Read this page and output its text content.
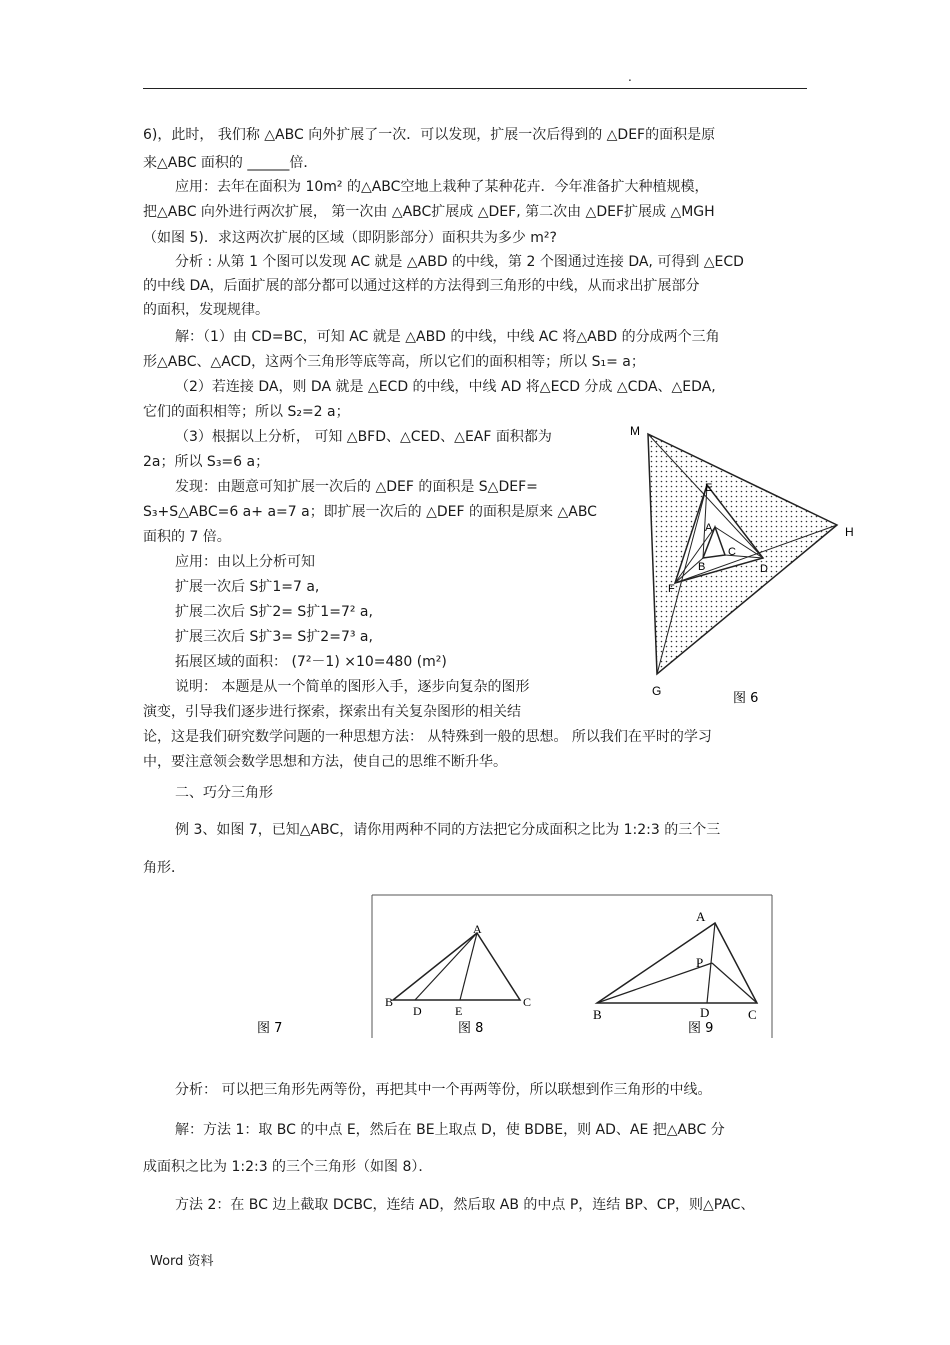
.
6)，此时， 我们称 △ABC 向外扩展了一次．可以发现，扩展一次后得到的 △DEF的面积是原
来△ABC 面积的 ______倍．
应用：去年在面积为 10m² 的△ABC空地上栽种了某种花卉．今年准备扩大种植规模，
把△ABC 向外进行两次扩展， 第一次由 △ABC扩展成 △DEF, 第二次由 △DEF扩展成 △MGH
（如图 5)．求这两次扩展的区域（即阴影部分）面积共为多少 m²?
分析 : 从第 1 个图可以发现 AC 就是 △ABD 的中线，第 2 个图通过连接 DA, 可得到 △ECD
的中线 DA，后面扩展的部分都可以通过这样的方法得到三角形的中线，从而求出扩展部分
的面积，发现规律。
解：（1）由 CD=BC，可知 AC 就是 △ABD 的中线，中线 AC 将△ABD 的分成两个三角
形△ABC、△ACD，这两个三角形等底等高，所以它们的面积相等；所以 S₁= a；
（2）若连接 DA，则 DA 就是 △ECD 的中线，中线 AD 将△ECD 分成 △CDA、△EDA,
它们的面积相等；所以 S₂=2 a；
（3）根据以上分析， 可知 △BFD、△CED、△EAF 面积都为
2a；所以 S₃=6 a；
发现：由题意可知扩展一次后的 △DEF 的面积是 S△DEF=
S₃+S△ABC=6 a+ a=7 a；即扩展一次后的 △DEF 的面积是原来 △ABC
面积的 7 倍。
应用：由以上分析可知
扩展一次后 S扩1=7 a,
扩展二次后 S扩2= S扩1=7² a,
扩展三次后 S扩3= S扩2=7³ a,
拓展区域的面积： (7²－1) ×10=480 (m²)
说明： 本题是从一个简单的图形入手，逐步向复杂的图形
演变，引导我们逐步进行探索，探索出有关复杂图形的相关结
论，这是我们研究数学问题的一种思想方法： 从特殊到一般的思想。 所以我们在平时的学习
中，要注意领会数学思想和方法，使自己的思维不断升华。
二、巧分三角形
例 3、如图 7，已知△ABC，请你用两种不同的方法把它分成面积之比为 1:2:3 的三个三
角形．
分析： 可以把三角形先两等份，再把其中一个再两等份，所以联想到作三角形的中线。
解：方法 1：取 BC 的中点 E，然后在 BE上取点 D，使 BDBE，则 AD、AE 把△ABC 分
成面积之比为 1:2:3 的三个三角形（如图 8）．
方法 2：在 BC 边上截取 DCBC，连结 AD，然后取 AB 的中点 P，连结 BP、CP，则△PAC、
M
H
G
E
A
C
B	D
F
图 6
A
B
D	E
C
A
P
B	D	C
图 7	图 8	图 9
Word 资料
